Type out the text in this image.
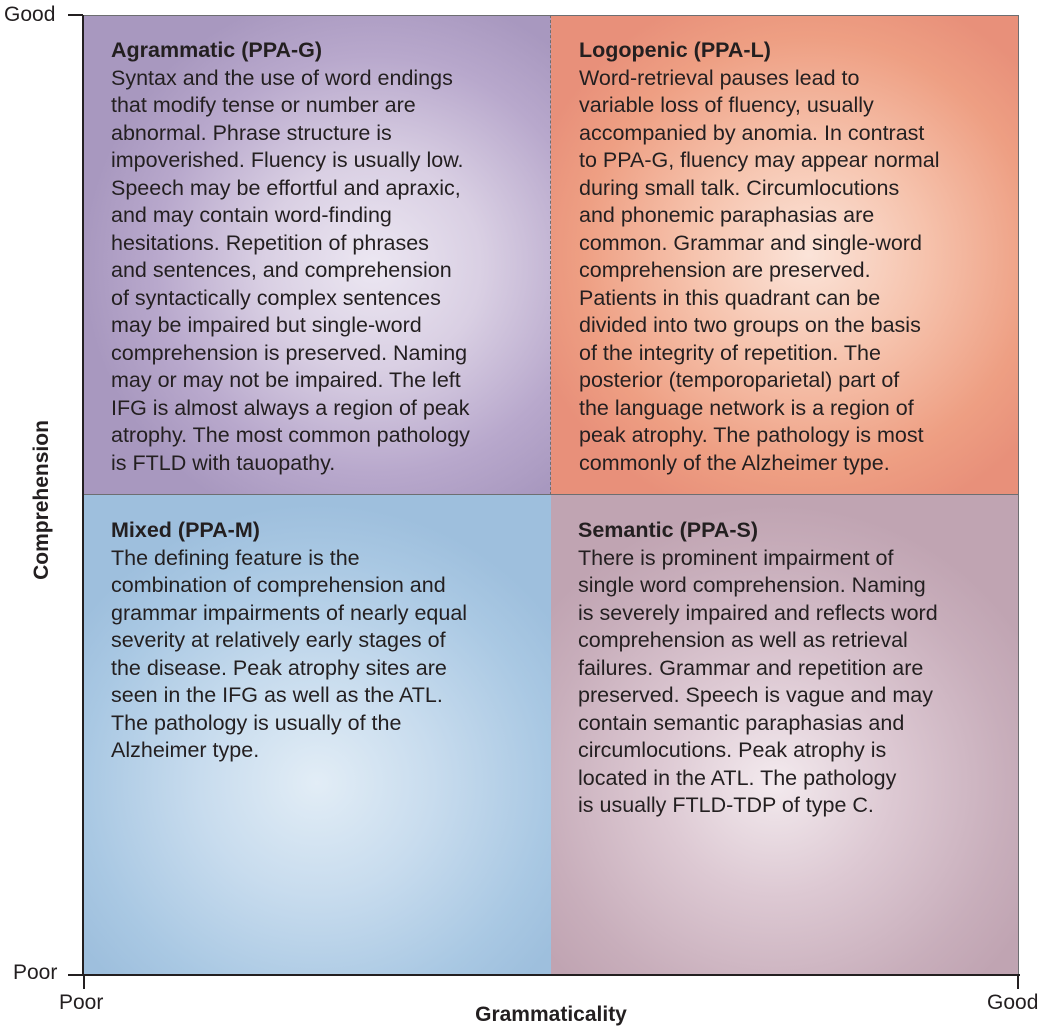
Agrammatic (PPA-G)

Syntax and the use of word endings
that modify tense or number are
abnormal. Phrase structure is
impoverished. Fluency is usually low.
Speech may be effortful and apraxic,
and may contain word-finding
hesitations. Repetition of phrases
and sentences, and comprehension
of syntactically complex sentences
may be impaired but single-word
comprehension is preserved. Naming
may or may not be impaired. The left
IFG is almost always a region of peak
atrophy. The most common pathology
is FTLD with tauopathy.

Logopenic (PPA-L)

Word-retrieval pauses lead to
variable loss of fluency, usually
accompanied by anomia. In contrast
to PPA-G, fluency may appear normal
during small talk. Circumlocutions
and phonemic paraphasias are
common. Grammar and single-word
comprehension are preserved.
Patients in this quadrant can be
divided into two groups on the basis
of the integrity of repetition. The
posterior (temporoparietal) part of
the language network is a region of
peak atrophy. The pathology is most
commonly of the Alzheimer type.

Mixed (PPA-M)

The defining feature is the
combination of comprehension and
grammar impairments of nearly equal
severity at relatively early stages of
the disease. Peak atrophy sites are
seen in the IFG as well as the ATL.
The pathology is usually of the
Alzheimer type.

Semantic (PPA-S)

There is prominent impairment of
single word comprehension. Naming
is severely impaired and reflects word
comprehension as well as retrieval
failures. Grammar and repetition are
preserved. Speech is vague and may
contain semantic paraphasias and
circumlocutions. Peak atrophy is
located in the ATL. The pathology
is usually FTLD-TDP of type C.

Good
Poor
Poor	Good
Grammaticality
Comprehension
